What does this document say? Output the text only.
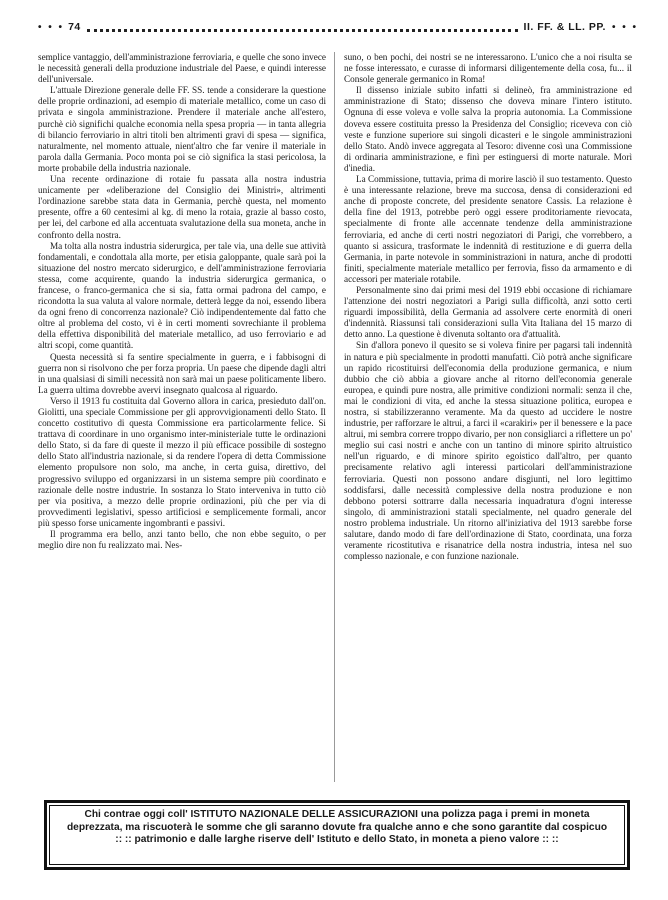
• • • 74	II. FF. & LL. PP. • • •

semplice vantaggio, dell'amministrazione ferroviaria, e quelle che sono invece le necessità generali della produzione industriale del Paese, e quindi interesse dell'universale.

L'attuale Direzione generale delle FF. SS. tende a considerare la questione delle proprie ordinazioni, ad esempio di materiale metallico, come un caso di privata e singola amministrazione. Prendere il materiale anche all'estero, purchè ciò significhi qualche economia nella spesa propria — in tanta allegria di bilancio ferroviario in altri titoli ben altrimenti gravi di spesa — significa, naturalmente, nel momento attuale, nient'altro che far venire il materiale in parola dalla Germania. Poco monta poi se ciò significa la stasi pericolosa, la morte probabile della industria nazionale.

Una recente ordinazione di rotaie fu passata alla nostra industria unicamente per «deliberazione del Consiglio dei Ministri», altrimenti l'ordinazione sarebbe stata data in Germania, perchè questa, nel momento presente, offre a 60 centesimi al kg. di meno la rotaia, grazie al basso costo, per lei, del carbone ed alla accentuata svalutazione della sua moneta, anche in confronto della nostra.

Ma tolta alla nostra industria siderurgica, per tale via, una delle sue attività fondamentali, e condottala alla morte, per etisia galoppante, quale sarà poi la situazione del nostro mercato siderurgico, e dell'amministrazione ferroviaria stessa, come acquirente, quando la industria siderurgica germanica, o francese, o franco-germanica che si sia, fatta ormai padrona del campo, e ricondotta la sua valuta al valore normale, detterà legge da noi, essendo libera da ogni freno di concorrenza nazionale? Ciò indipendentemente dal fatto che oltre al problema del costo, vi è in certi momenti sovrechiante il problema della effettiva disponibilità del materiale metallico, ad uso ferroviario e ad altri scopi, come quantità.

Questa necessità si fa sentire specialmente in guerra, e i fabbisogni di guerra non si risolvono che per forza propria. Un paese che dipende dagli altri in una qualsiasi di simili necessità non sarà mai un paese politicamente libero. La guerra ultima dovrebbe avervi insegnato qualcosa al riguardo.

Verso il 1913 fu costituita dal Governo allora in carica, presieduto dall'on. Giolitti, una speciale Commissione per gli approvvigionamenti dello Stato. Il concetto costitutivo di questa Commissione era particolarmente felice. Si trattava di coordinare in uno organismo inter-ministeriale tutte le ordinazioni dello Stato, si da fare di queste il mezzo il più efficace possibile di sostegno dello Stato all'industria nazionale, si da rendere l'opera di detta Commissione elemento propulsore non solo, ma anche, in certa guisa, direttivo, del progressivo sviluppo ed organizzarsi in un sistema sempre più coordinato e razionale delle nostre industrie. In sostanza lo Stato interveniva in tutto ciò per via positiva, a mezzo delle proprie ordinazioni, più che per via di provvedimenti legislativi, spesso artificiosi e semplicemente formali, ancor più spesso forse unicamente ingombranti e passivi.

Il programma era bello, anzi tanto bello, che non ebbe seguito, o per meglio dire non fu realizzato mai. Nes-

suno, o ben pochi, dei nostri se ne interessarono. L'unico che a noi risulta se ne fosse interessato, e curasse di informarsi diligentemente della cosa, fu... il Console generale germanico in Roma!

Il dissenso iniziale subito infatti si delineò, fra amministrazione ed amministrazione di Stato; dissenso che doveva minare l'intero istituto. Ognuna di esse voleva e volle salva la propria autonomia. La Commissione doveva essere costituita presso la Presidenza del Consiglio; riceveva con ciò veste e funzione superiore sui singoli dicasteri e le singole amministrazioni dello Stato. Andò invece aggregata al Tesoro: divenne così una Commissione di ordinaria amministrazione, e finì per estinguersi di morte naturale. Morì d'inedia.

La Commissione, tuttavia, prima di morire lasciò il suo testamento. Questo è una interessante relazione, breve ma succosa, densa di considerazioni ed anche di proposte concrete, del presidente senatore Cassis. La relazione è della fine del 1913, potrebbe però oggi essere proditoriamente rievocata, specialmente di fronte alle accennate tendenze della amministrazione ferroviaria, ed anche di certi nostri negoziatori di Parigi, che vorrebbero, a quanto si assicura, trasformate le indennità di restituzione e di guerra della Germania, in parte notevole in somministrazioni in natura, anche di prodotti finiti, specialmente materiale metallico per ferrovia, fisso da armamento e di accessori per materiale rotabile.

Personalmente sino dai primi mesi del 1919 ebbi occasione di richiamare l'attenzione dei nostri negoziatori a Parigi sulla difficoltà, anzi sotto certi riguardi impossibilità, della Germania ad assolvere certe enormità di oneri d'indennità. Riassunsi tali considerazioni sulla Vita Italiana del 15 marzo di detto anno. La questione è divenuta soltanto ora d'attualità.

Sin d'allora ponevo il quesito se si voleva finire per pagarsi tali indennità in natura e più specialmente in prodotti manufatti. Ciò potrà anche significare un rapido ricostituirsi dell'economia della produzione germanica, e nium dubbio che ciò abbia a giovare anche al ritorno dell'economia generale europea, e quindi pure nostra, alle primitive condizioni normali: senza il che, mai le condizioni di vita, ed anche la stessa situazione politica, europea e nostra, si stabilizzeranno veramente. Ma da questo ad uccidere le nostre industrie, per rafforzare le altrui, a farci il «carakiri» per il benessere e la pace altrui, mi sembra correre troppo divario, per non consigliarci a riflettere un po' meglio sui casi nostri e anche con un tantino di minore spirito altruistico nell'un riguardo, e di minore spirito egoistico dall'altro, per quanto precisamente relativo agli interessi particolari dell'amministrazione ferroviaria. Questi non possono andare disgiunti, nel loro legittimo soddisfarsi, dalle necessità complessive della nostra produzione e non debbono potersi sottrarre dalla necessaria inquadratura d'ogni interesse singolo, di amministrazioni statali specialmente, nel quadro generale del nostro problema industriale. Un ritorno all'iniziativa del 1913 sarebbe forse salutare, dando modo di fare dell'ordinazione di Stato, coordinata, una forza veramente ricostitutiva e risanatrice della nostra industria, intesa nel suo complesso nazionale, e con funzione nazionale.

Chi contrae oggi coll' ISTITUTO NAZIONALE DELLE ASSICURAZIONI una polizza paga i premi in moneta
deprezzata, ma riscuoterà le somme che gli saranno dovute fra qualche anno e che sono garantite dal cospicuo
:: :: patrimonio e dalle larghe riserve dell' Istituto e dello Stato, in moneta a pieno valore :: ::
